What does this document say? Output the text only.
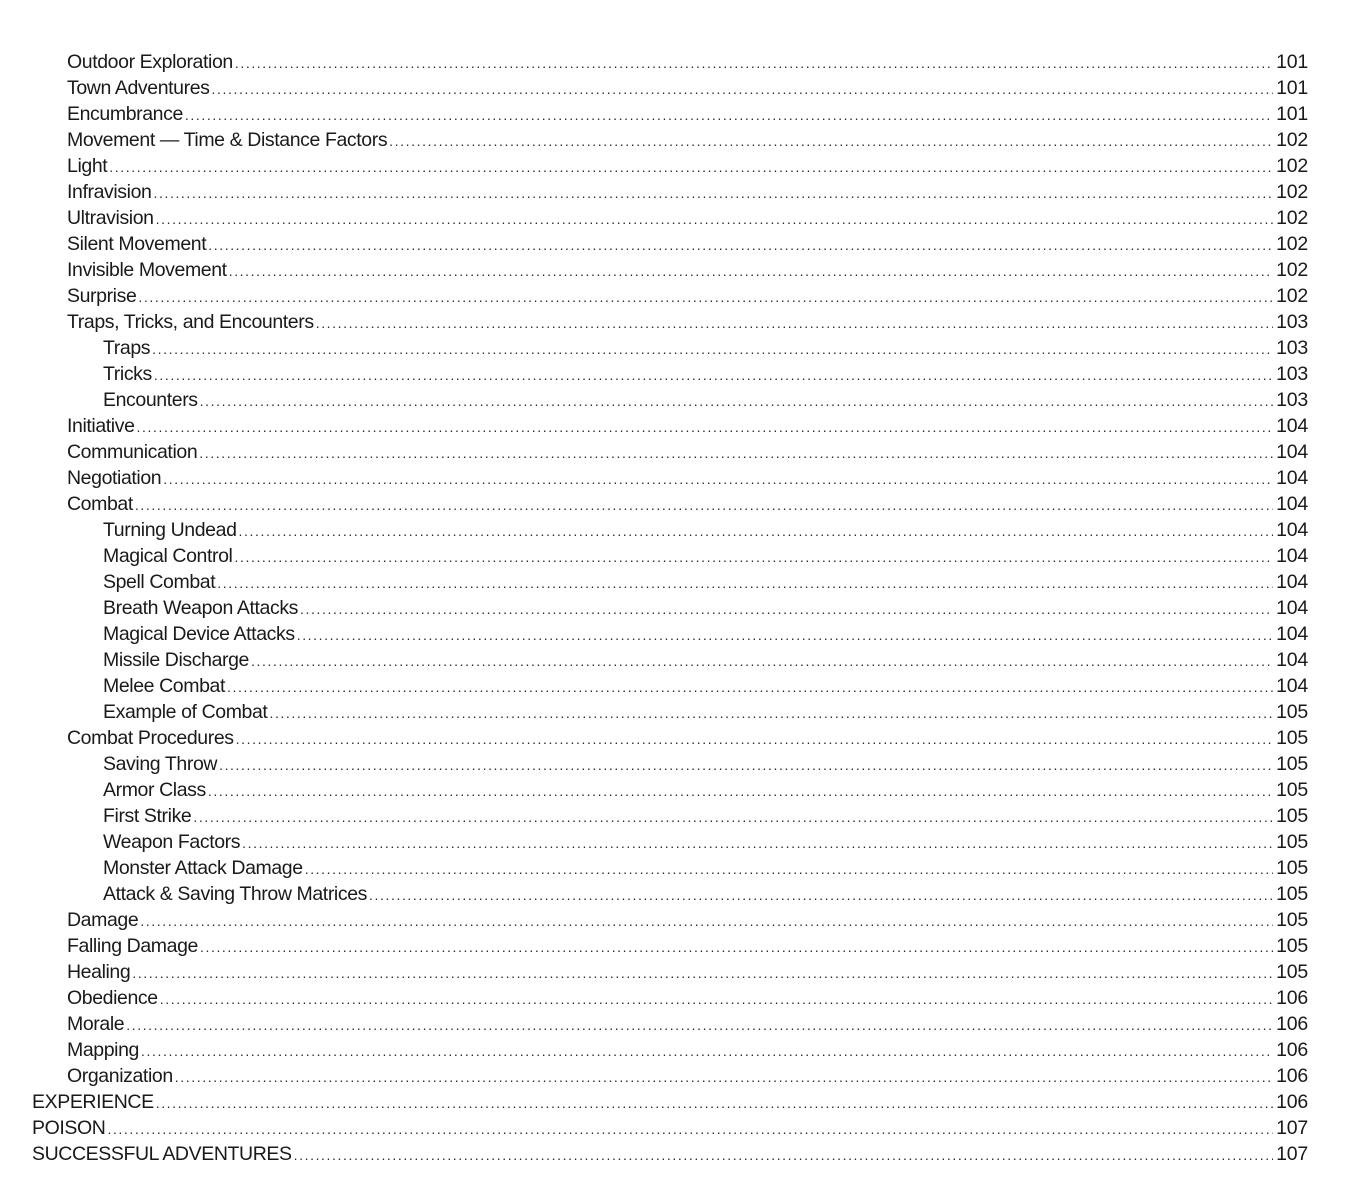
Outdoor Exploration .....	101
Town Adventures .....	101
Encumbrance .....	101
Movement — Time & Distance Factors .....	102
Light .....	102
Infravision .....	102
Ultravision .....	102
Silent Movement .....	102
Invisible Movement .....	102
Surprise .....	102
Traps, Tricks, and Encounters .....	103
Traps .....	103
Tricks .....	103
Encounters .....	103
Initiative .....	104
Communication .....	104
Negotiation .....	104
Combat .....	104
Turning Undead .....	104
Magical Control .....	104
Spell Combat .....	104
Breath Weapon Attacks .....	104
Magical Device Attacks .....	104
Missile Discharge .....	104
Melee Combat .....	104
Example of Combat .....	105
Combat Procedures .....	105
Saving Throw .....	105
Armor Class .....	105
First Strike .....	105
Weapon Factors .....	105
Monster Attack Damage .....	105
Attack & Saving Throw Matrices .....	105
Damage .....	105
Falling Damage .....	105
Healing .....	105
Obedience .....	106
Morale .....	106
Mapping .....	106
Organization .....	106
EXPERIENCE .....	106
POISON .....	107
SUCCESSFUL ADVENTURES .....	107
